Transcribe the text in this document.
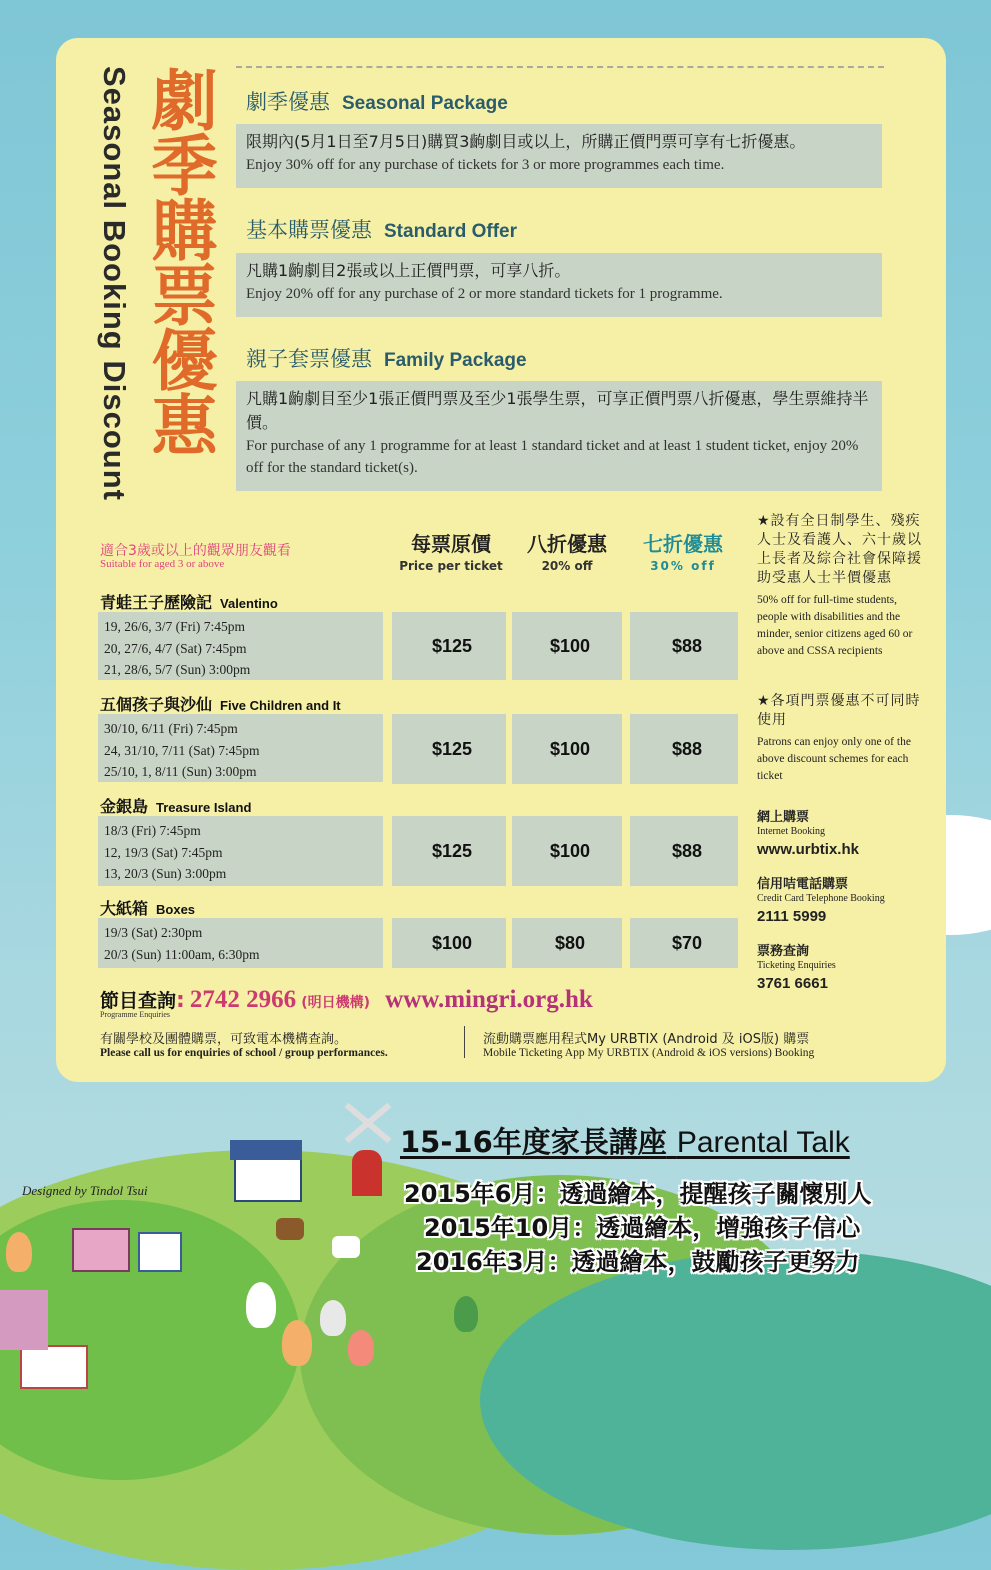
劇季購票優惠
Seasonal Booking Discount	劇季優惠 Seasonal Package
限期內(5月1日至7月5日)購買3齣劇目或以上，所購正價門票可享有七折優惠。
Enjoy 30% off for any purchase of tickets for 3 or more programmes each time.
基本購票優惠 Standard Offer
凡購1齣劇目2張或以上正價門票，可享八折。
Enjoy 20% off for any purchase of 2 or more standard tickets for 1 programme.
親子套票優惠 Family Package
凡購1齣劇目至少1張正價門票及至少1張學生票，可享正價門票八折優惠，學生票維持半價。
For purchase of any 1 programme for at least 1 standard ticket and at least 1 student ticket, enjoy 20% off for the standard ticket(s).
適合3歲或以上的觀眾朋友觀看
Suitable for aged 3 or above
每票原價
Price per ticket
八折優惠
20% off
七折優惠
30% off
青蛙王子歷險記 Valentino
19, 26/6, 3/7 (Fri) 7:45pm
20, 27/6, 4/7 (Sat) 7:45pm
21, 28/6, 5/7 (Sun) 3:00pm
$125	$100	$88
五個孩子與沙仙 Five Children and It
30/10, 6/11 (Fri) 7:45pm
24, 31/10, 7/11 (Sat) 7:45pm
25/10, 1, 8/11 (Sun) 3:00pm
$125	$100	$88
金銀島 Treasure Island
18/3 (Fri) 7:45pm
12, 19/3 (Sat) 7:45pm
13, 20/3 (Sun) 3:00pm
$125	$100	$88
大紙箱 Boxes
19/3 (Sat) 2:30pm
20/3 (Sun) 11:00am, 6:30pm
$100	$80	$70
★設有全日制學生、殘疾人士及看護人、六十歲以上長者及綜合社會保障援助受惠人士半價優惠
50% off for full-time students, people with disabilities and the minder, senior citizens aged 60 or above and CSSA recipients
★各項門票優惠不可同時使用
Patrons can enjoy only one of the above discount schemes for each ticket
網上購票
Internet Booking
www.urbtix.hk
信用咭電話購票
Credit Card Telephone Booking
2111 5999
票務查詢
Ticketing Enquiries
3761 6661
節目查詢: 2742 2966 (明日機構) www.mingri.org.hk
Programme Enquiries
有關學校及團體購票，可致電本機構查詢。
Please call us for enquiries of school / group performances.
流動購票應用程式My URBTIX (Android 及 iOS版) 購票
Mobile Ticketing App My URBTIX (Android & iOS versions) Booking
15-16年度家長講座 Parental Talk
2015年6月：透過繪本，提醒孩子關懷別人
2015年10月：透過繪本，增強孩子信心
2016年3月：透過繪本，鼓勵孩子更努力
Designed by Tindol Tsui
